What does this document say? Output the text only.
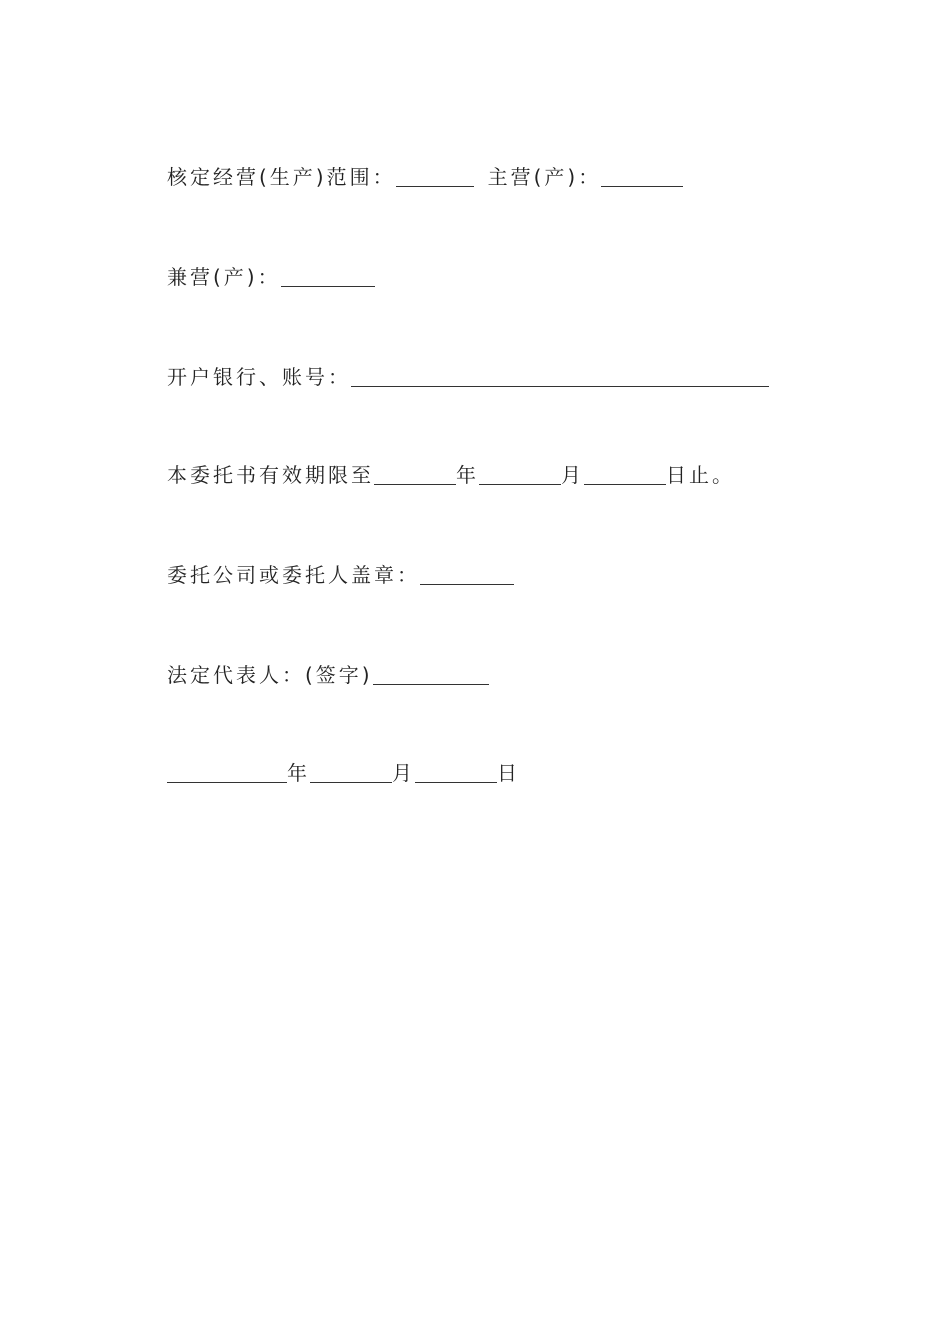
核定经营(生产)范围：	主营(产)：
兼营(产)：
开户银行、账号：
本委托书有效期限至	年	月	日止。
委托公司或委托人盖章：
法定代表人：(签字)
年	月	日
